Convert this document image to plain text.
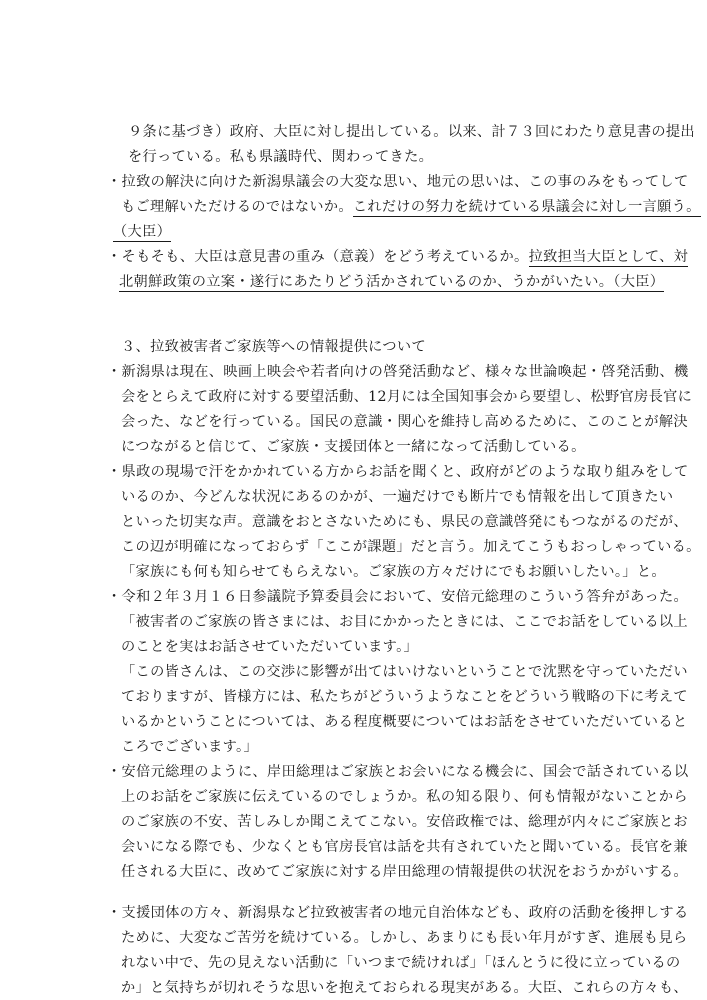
９条に基づき）政府、大臣に対し提出している。以来、計７３回にわたり意見書の提出
を行っている。私も県議時代、関わってきた。
・拉致の解決に向けた新潟県議会の大変な思い、地元の思いは、この事のみをもってして
もご理解いただけるのではないか。これだけの努力を続けている県議会に対し一言願う。
（大臣）
・そもそも、大臣は意見書の重み（意義）をどう考えているか。拉致担当大臣として、対
北朝鮮政策の立案・遂行にあたりどう活かされているのか、うかがいたい。（大臣）
３、拉致被害者ご家族等への情報提供について
・新潟県は現在、映画上映会や若者向けの啓発活動など、様々な世論喚起・啓発活動、機
会をとらえて政府に対する要望活動、12月には全国知事会から要望し、松野官房長官に
会った、などを行っている。国民の意識・関心を維持し高めるために、このことが解決
につながると信じて、ご家族・支援団体と一緒になって活動している。
・県政の現場で汗をかかれている方からお話を聞くと、政府がどのような取り組みをして
いるのか、今どんな状況にあるのかが、一遍だけでも断片でも情報を出して頂きたい
といった切実な声。意識をおとさないためにも、県民の意識啓発にもつながるのだが、
この辺が明確になっておらず「ここが課題」だと言う。加えてこうもおっしゃっている。
「家族にも何も知らせてもらえない。ご家族の方々だけにでもお願いしたい。」と。
・令和２年３月１６日参議院予算委員会において、安倍元総理のこういう答弁があった。
「被害者のご家族の皆さまには、お目にかかったときには、ここでお話をしている以上
のことを実はお話させていただいています。」
「この皆さんは、この交渉に影響が出てはいけないということで沈黙を守っていただい
ておりますが、皆様方には、私たちがどういうようなことをどういう戦略の下に考えて
いるかということについては、ある程度概要についてはお話をさせていただいていると
ころでございます。」
・安倍元総理のように、岸田総理はご家族とお会いになる機会に、国会で話されている以
上のお話をご家族に伝えているのでしょうか。私の知る限り、何も情報がないことから
のご家族の不安、苦しみしか聞こえてこない。安倍政権では、総理が内々にご家族とお
会いになる際でも、少なくとも官房長官は話を共有されていたと聞いている。長官を兼
任される大臣に、改めてご家族に対する岸田総理の情報提供の状況をおうかがいする。
・支援団体の方々、新潟県など拉致被害者の地元自治体なども、政府の活動を後押しする
ために、大変なご苦労を続けている。しかし、あまりにも長い年月がすぎ、進展も見ら
れない中で、先の見えない活動に「いつまで続ければ」「ほんとうに役に立っているの
か」と気持ちが切れそうな思いを抱えておられる現実がある。大臣、これらの方々も、
